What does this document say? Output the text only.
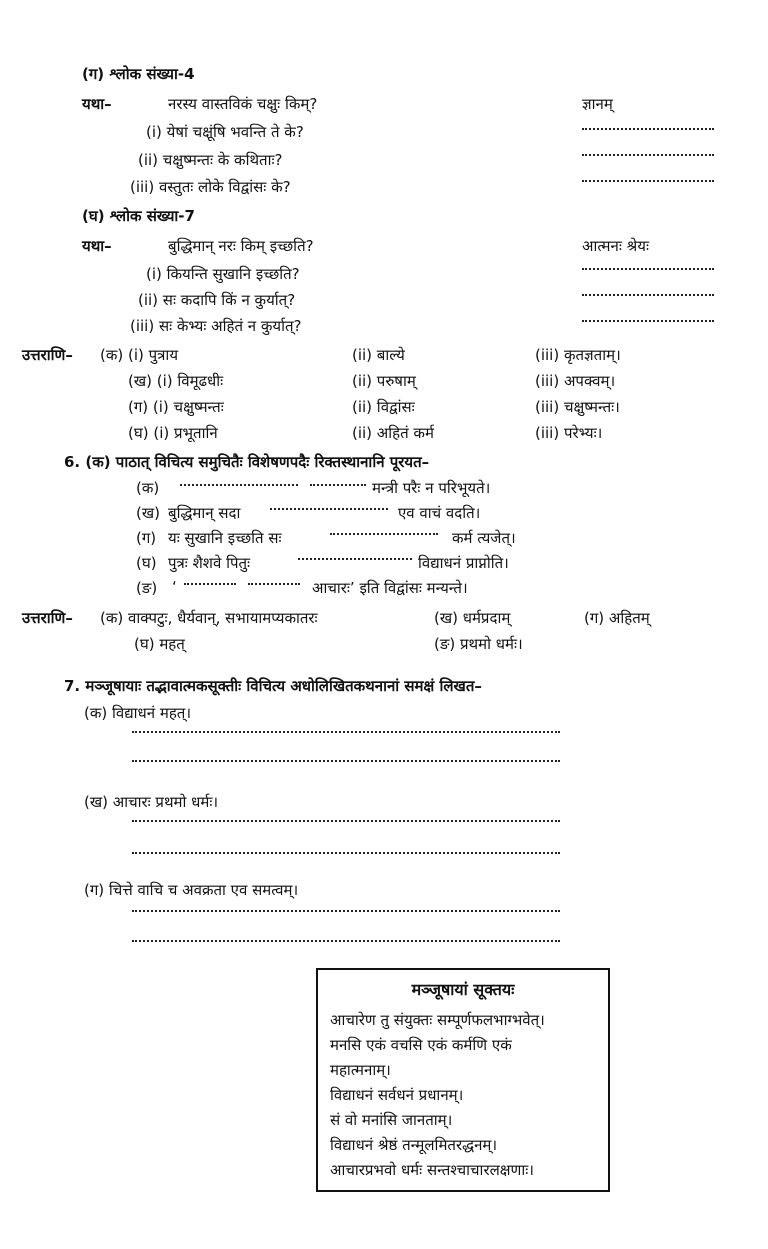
(ग) श्लोक संख्या-4
यथा–	नरस्य वास्तविकं चक्षुः किम्?	ज्ञानम्
(i) येषां चक्षूंषि भवन्ति ते के?
(ii) चक्षुष्मन्तः के कथिताः?
(iii) वस्तुतः लोके विद्वांसः के?
(घ) श्लोक संख्या-7
यथा–	बुद्धिमान् नरः किम् इच्छति?	आत्मनः श्रेयः
(i) कियन्ति सुखानि इच्छति?
(ii) सः कदापि किं न कुर्यात्?
(iii) सः केभ्यः अहितं न कुर्यात्?
उत्तराणि– (क) (i) पुत्राय	(ii) बाल्ये	(iii) कृतज्ञताम्।
(ख) (i) विमूढधीः	(ii) परुषाम्	(iii) अपक्वम्।
(ग) (i) चक्षुष्मन्तः	(ii) विद्वांसः	(iii) चक्षुष्मन्तः।
(घ) (i) प्रभूतानि	(ii) अहितं कर्म	(iii) परेभ्यः।
6. (क) पाठात् विचित्य समुचितैः विशेषणपदैः रिक्तस्थानानि पूरयत–
(क)	मन्त्री परैः न परिभूयते।
(ख) बुद्धिमान् सदा	एव वाचं वदति।
(ग) यः सुखानि इच्छति सः	कर्म त्यजेत्।
(घ) पुत्रः शैशवे पितुः	विद्याधनं प्राप्नोति।
(ङ) ‘	आचारः’ इति विद्वांसः मन्यन्ते।
उत्तराणि– (क) वाक्पटुः, धैर्यवान्, सभायामप्यकातरः	(ख) धर्मप्रदाम्	(ग) अहितम्
(घ) महत्	(ङ) प्रथमो धर्मः।
7. मञ्जूषायाः तद्भावात्मकसूक्तीः विचित्य अधोलिखितकथनानां समक्षं लिखत–
(क) विद्याधनं महत्।
(ख) आचारः प्रथमो धर्मः।
(ग) चित्ते वाचि च अवक्रता एव समत्वम्।
मञ्जूषायां सूक्तयः
आचारेण तु संयुक्तः सम्पूर्णफलभाग्भवेत्।
मनसि एकं वचसि एकं कर्मणि एकं
महात्मनाम्।
विद्याधनं सर्वधनं प्रधानम्।
सं वो मनांसि जानताम्।
विद्याधनं श्रेष्ठं तन्मूलमितरद्धनम्।
आचारप्रभवो धर्मः सन्तश्चाचारलक्षणाः।
